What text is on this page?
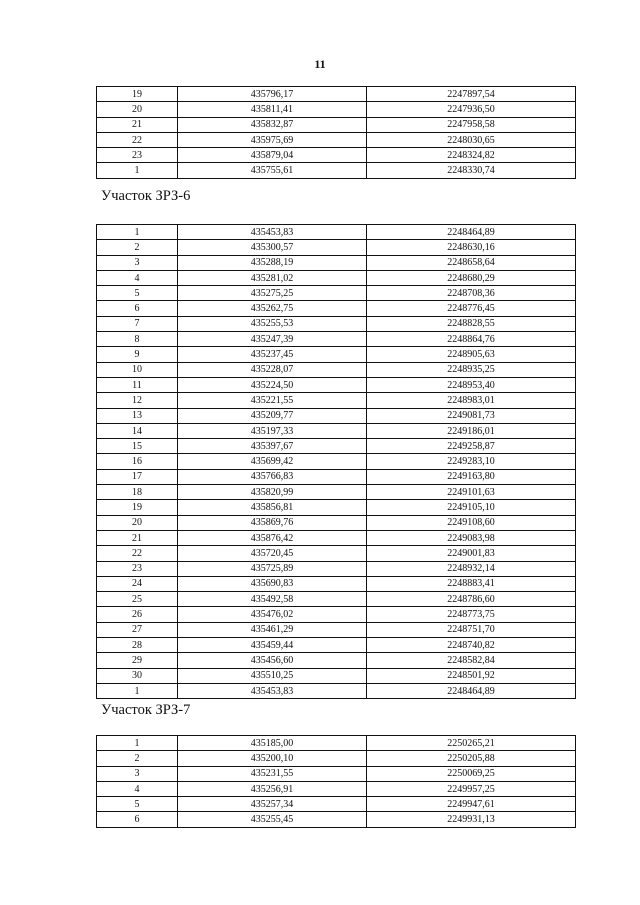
11
19	435796,17	2247897,54
20	435811,41	2247936,50
21	435832,87	2247958,58
22	435975,69	2248030,65
23	435879,04	2248324,82
1	435755,61	2248330,74
Участок ЗРЗ-6
1	435453,83	2248464,89
2	435300,57	2248630,16
3	435288,19	2248658,64
4	435281,02	2248680,29
5	435275,25	2248708,36
6	435262,75	2248776,45
7	435255,53	2248828,55
8	435247,39	2248864,76
9	435237,45	2248905,63
10	435228,07	2248935,25
11	435224,50	2248953,40
12	435221,55	2248983,01
13	435209,77	2249081,73
14	435197,33	2249186,01
15	435397,67	2249258,87
16	435699,42	2249283,10
17	435766,83	2249163,80
18	435820,99	2249101,63
19	435856,81	2249105,10
20	435869,76	2249108,60
21	435876,42	2249083,98
22	435720,45	2249001,83
23	435725,89	2248932,14
24	435690,83	2248883,41
25	435492,58	2248786,60
26	435476,02	2248773,75
27	435461,29	2248751,70
28	435459,44	2248740,82
29	435456,60	2248582,84
30	435510,25	2248501,92
1	435453,83	2248464,89
Участок ЗРЗ-7
1	435185,00	2250265,21
2	435200,10	2250205,88
3	435231,55	2250069,25
4	435256,91	2249957,25
5	435257,34	2249947,61
6	435255,45	2249931,13
